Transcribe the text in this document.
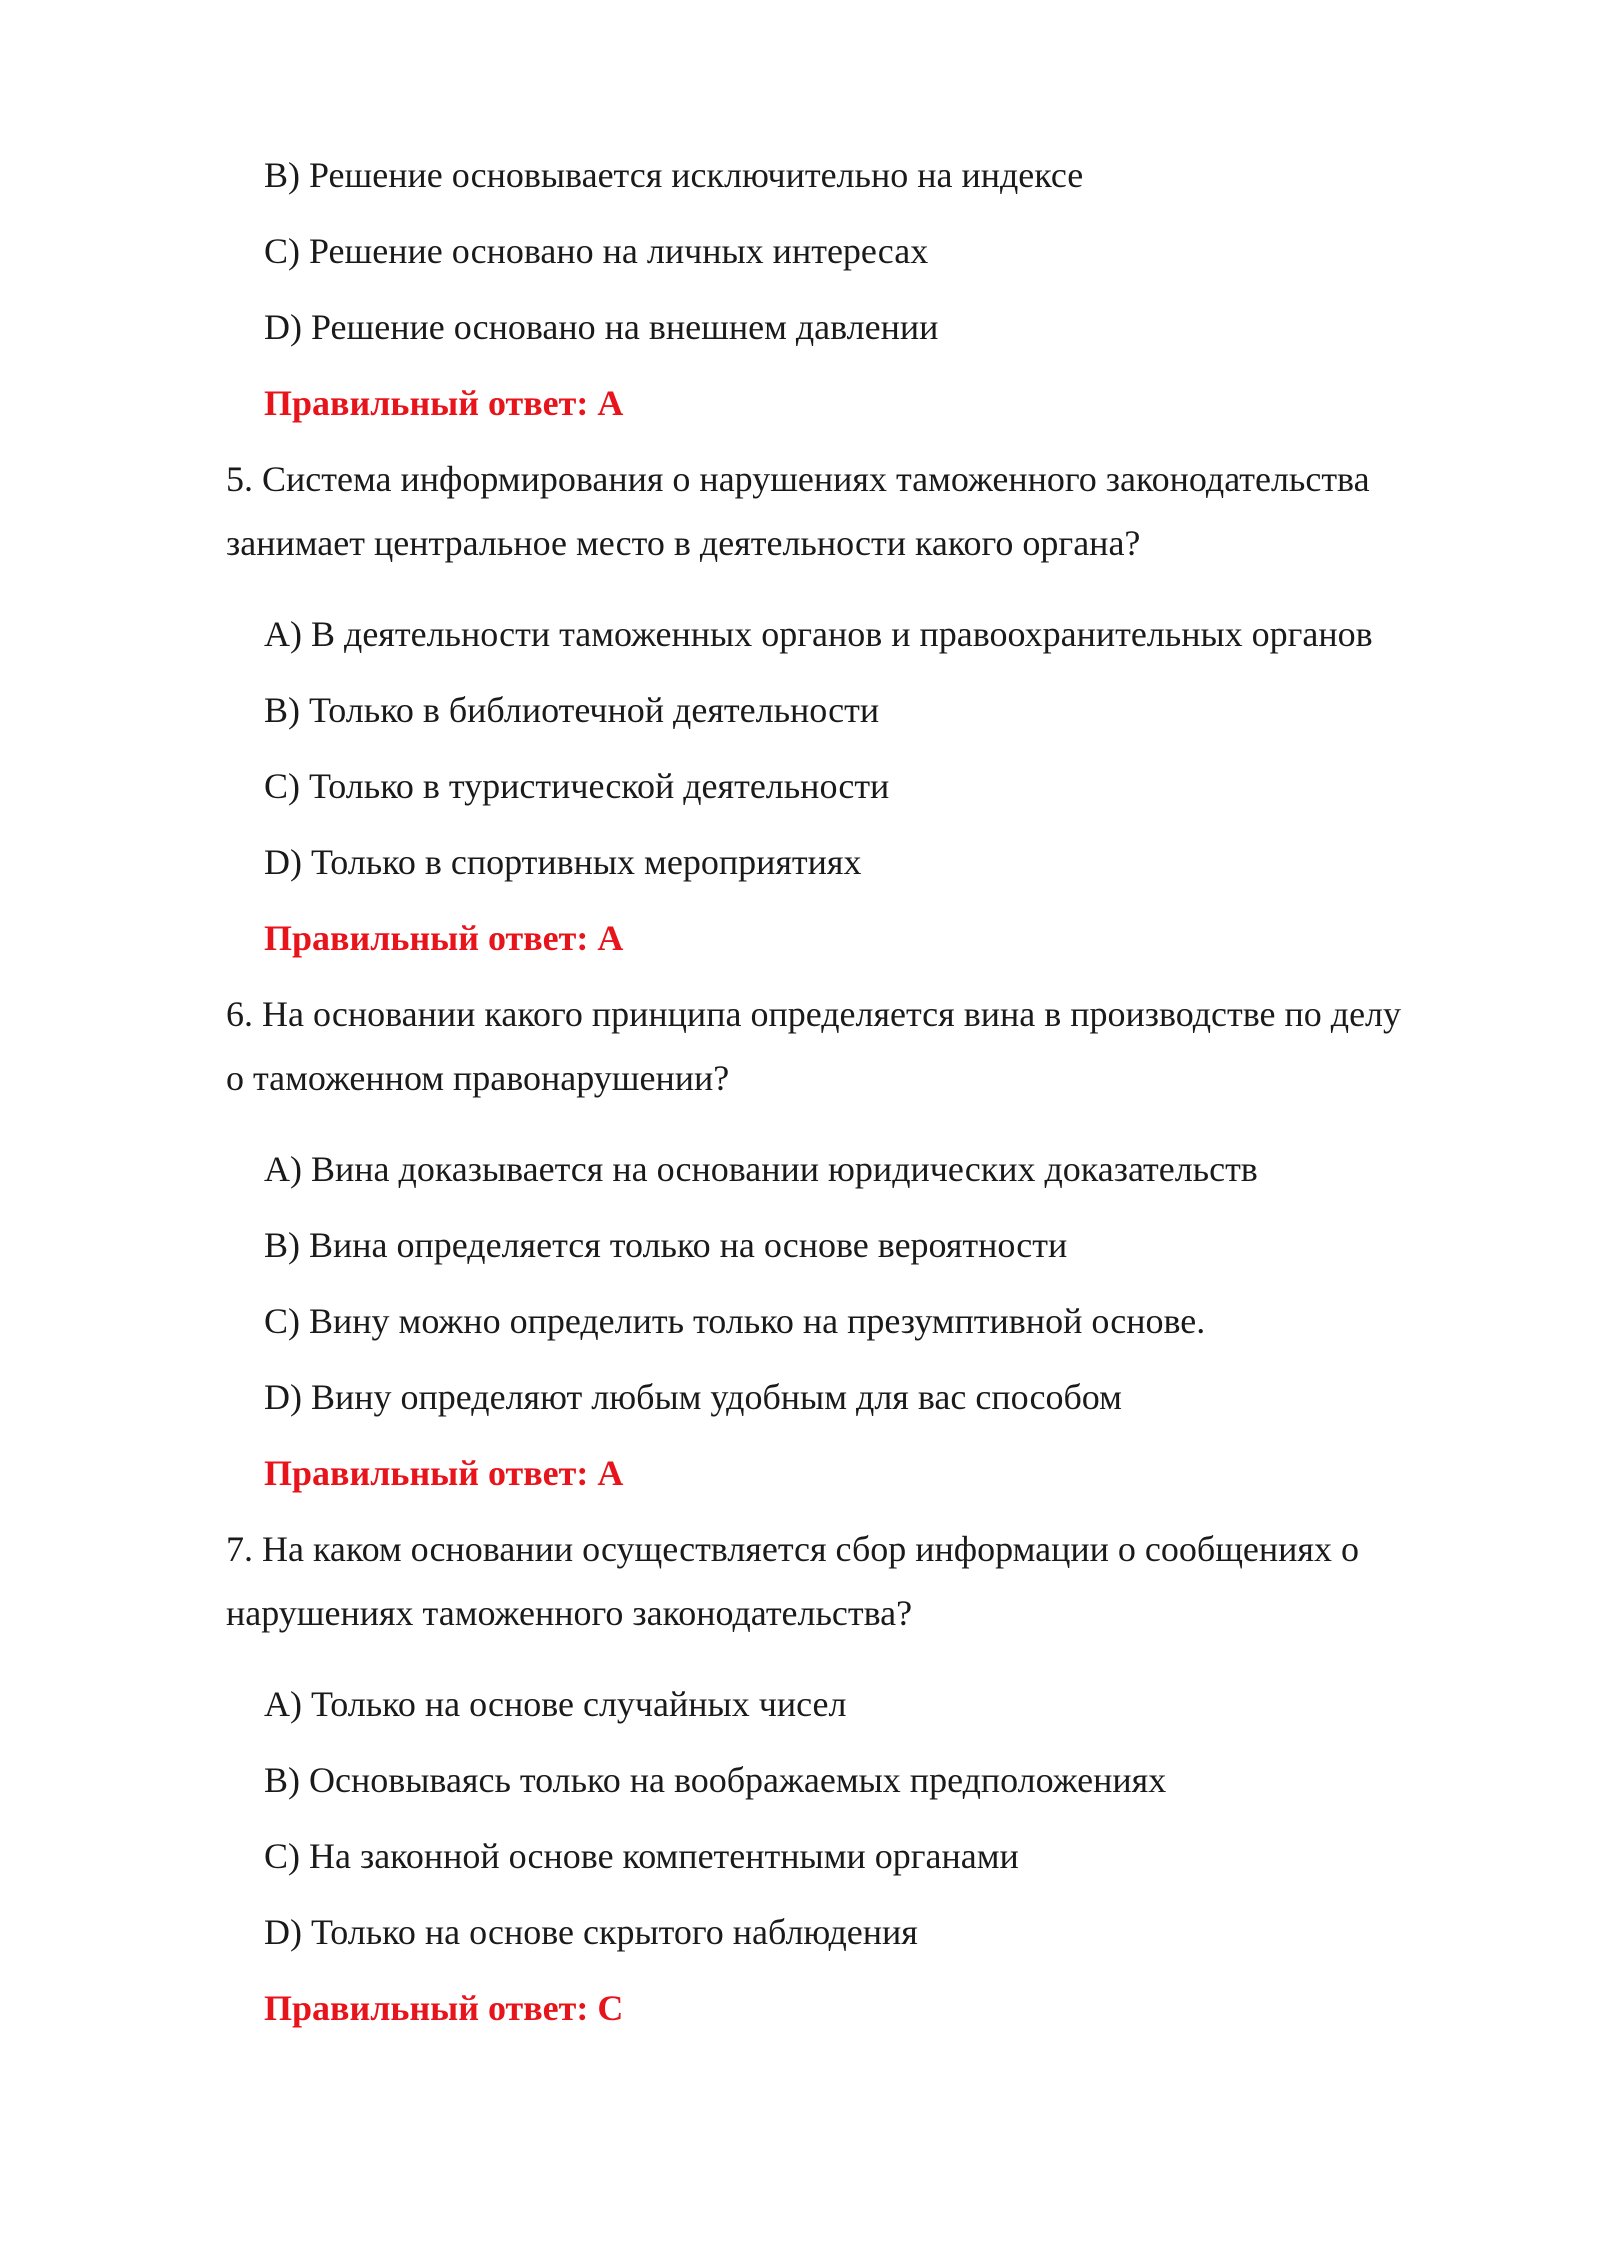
B) Решение основывается исключительно на индексе
C) Решение основано на личных интересах
D) Решение основано на внешнем давлении
Правильный ответ: А
5. Система информирования о нарушениях таможенного законодательства
занимает центральное место в деятельности какого органа?
A) В деятельности таможенных органов и правоохранительных органов
B) Только в библиотечной деятельности
C) Только в туристической деятельности
D) Только в спортивных мероприятиях
Правильный ответ: А
6. На основании какого принципа определяется вина в производстве по делу
о таможенном правонарушении?
A) Вина доказывается на основании юридических доказательств
B) Вина определяется только на основе вероятности
C) Вину можно определить только на презумптивной основе.
D) Вину определяют любым удобным для вас способом
Правильный ответ: А
7. На каком основании осуществляется сбор информации о сообщениях о
нарушениях таможенного законодательства?
A) Только на основе случайных чисел
B) Основываясь только на воображаемых предположениях
C) На законной основе компетентными органами
D) Только на основе скрытого наблюдения
Правильный ответ: C
